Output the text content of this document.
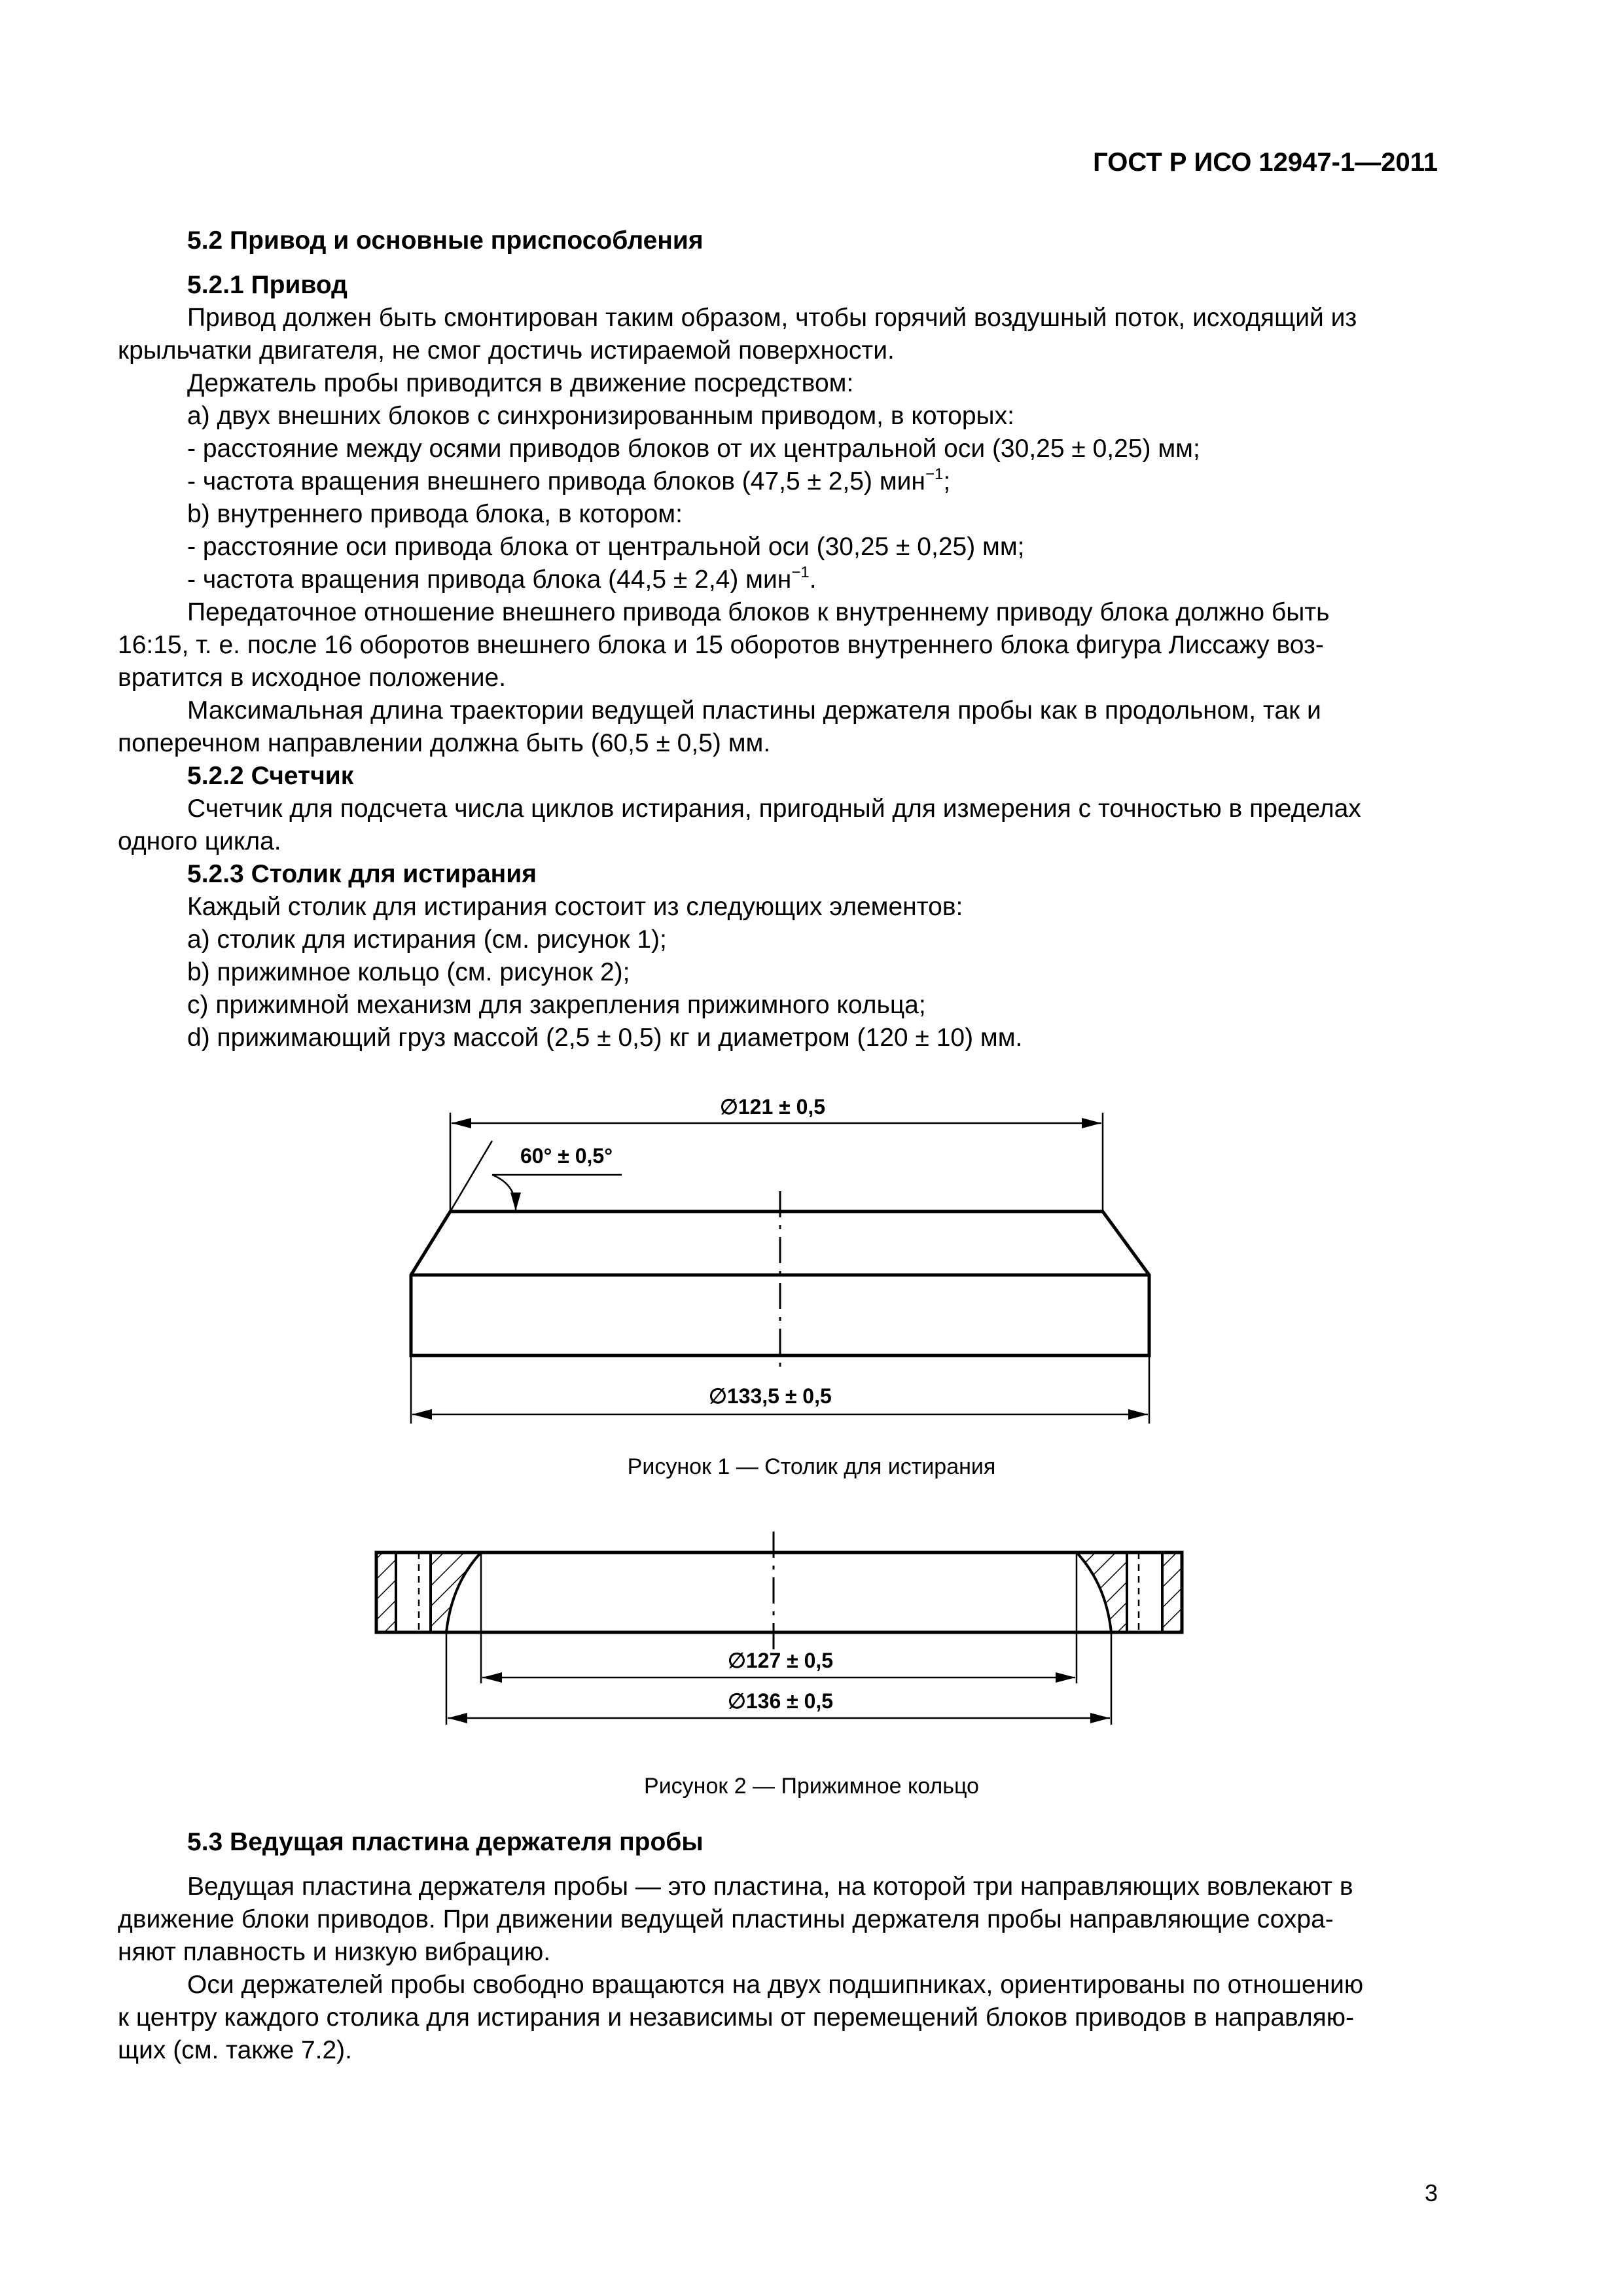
ГОСТ Р ИСО 12947-1—2011

5.2 Привод и основные приспособления

5.2.1 Привод

Привод должен быть смонтирован таким образом, чтобы горячий воздушный поток, исходящий из

крыльчатки двигателя, не смог достичь истираемой поверхности.

Держатель пробы приводится в движение посредством:

a) двух внешних блоков с синхронизированным приводом, в которых:

- расстояние между осями приводов блоков от их центральной оси (30,25 ± 0,25) мм;

- частота вращения внешнего привода блоков (47,5 ± 2,5) мин$^{-1}$;

b) внутреннего привода блока, в котором:

- расстояние оси привода блока от центральной оси (30,25 ± 0,25) мм;

- частота вращения привода блока (44,5 ± 2,4) мин$^{-1}$.

Передаточное отношение внешнего привода блоков к внутреннему приводу блока должно быть

16:15, т. е. после 16 оборотов внешнего блока и 15 оборотов внутреннего блока фигура Лиссажу воз-

вратится в исходное положение.

Максимальная длина траектории ведущей пластины держателя пробы как в продольном, так и

поперечном направлении должна быть (60,5 ± 0,5) мм.

5.2.2 Счетчик

Счетчик для подсчета числа циклов истирания, пригодный для измерения с точностью в пределах

одного цикла.

5.2.3 Столик для истирания

Каждый столик для истирания состоит из следующих элементов:

a) столик для истирания (см. рисунок 1);

b) прижимное кольцо (см. рисунок 2);

c) прижимной механизм для закрепления прижимного кольца;

d) прижимающий груз массой (2,5 ± 0,5) кг и диаметром (120 ± 10) мм.

∅121 ± 0,5
60° ± 0,5°
∅133,5 ± 0,5
Рисунок 1 — Столик для истирания
∅127 ± 0,5
∅136 ± 0,5
Рисунок 2 — Прижимное кольцо

5.3 Ведущая пластина держателя пробы

Ведущая пластина держателя пробы — это пластина, на которой три направляющих вовлекают в

движение блоки приводов. При движении ведущей пластины держателя пробы направляющие сохра-

няют плавность и низкую вибрацию.

Оси держателей пробы свободно вращаются на двух подшипниках, ориентированы по отношению

к центру каждого столика для истирания и независимы от перемещений блоков приводов в направляю-

щих (см. также 7.2).

3
